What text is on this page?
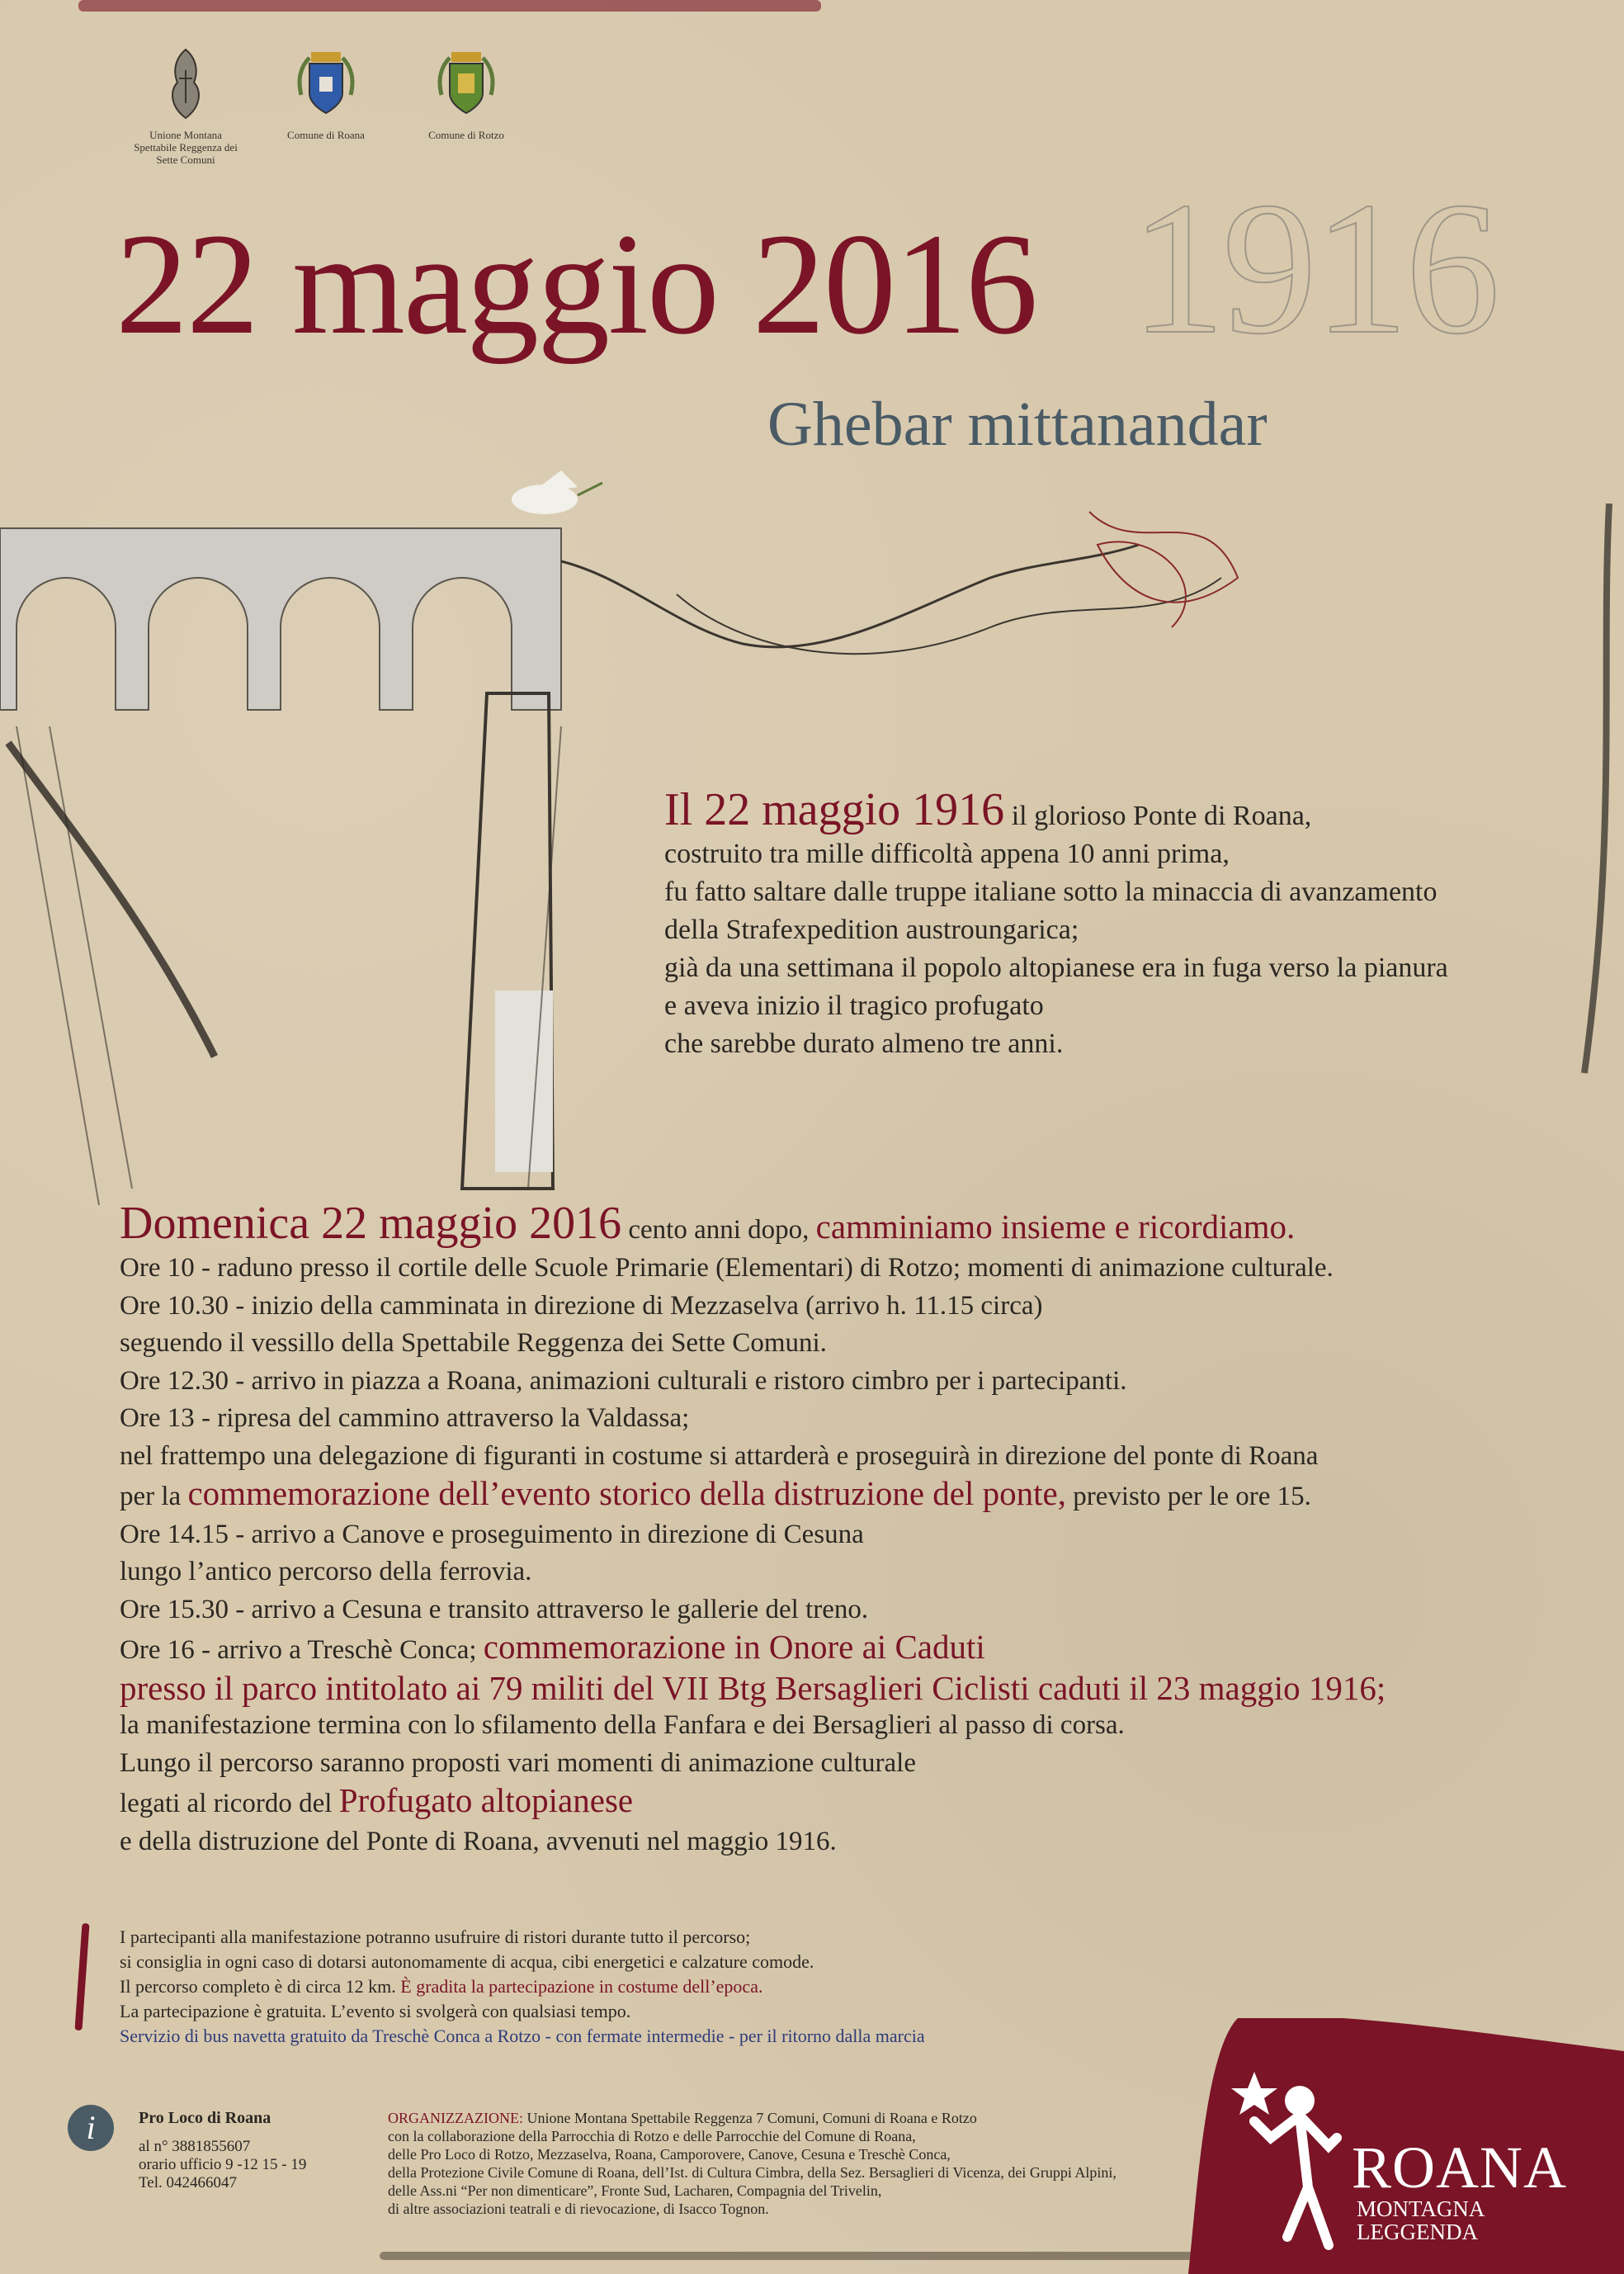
Unione Montana Spettabile Reggenza dei Sette Comuni
Comune di Roana	Comune di Rotzo
1916
22 maggio 2016
Ghebar mittanandar
Il 22 maggio 1916 il glorioso Ponte di Roana,
costruito tra mille difficoltà appena 10 anni prima,
fu fatto saltare dalle truppe italiane sotto la minaccia di avanzamento
della Strafexpedition austroungarica;
già da una settimana il popolo altopianese era in fuga verso la pianura
e aveva inizio il tragico profugato
che sarebbe durato almeno tre anni.
Domenica 22 maggio 2016 cento anni dopo, camminiamo insieme e ricordiamo.
Ore 10 - raduno presso il cortile delle Scuole Primarie (Elementari) di Rotzo; momenti di animazione culturale.
Ore 10.30 - inizio della camminata in direzione di Mezzaselva (arrivo h. 11.15 circa)
seguendo il vessillo della Spettabile Reggenza dei Sette Comuni.
Ore 12.30 - arrivo in piazza a Roana, animazioni culturali e ristoro cimbro per i partecipanti.
Ore 13 - ripresa del cammino attraverso la Valdassa;
nel frattempo una delegazione di figuranti in costume si attarderà e proseguirà in direzione del ponte di Roana
per la commemorazione dell’evento storico della distruzione del ponte, previsto per le ore 15.
Ore 14.15 - arrivo a Canove e proseguimento in direzione di Cesuna
lungo l’antico percorso della ferrovia.
Ore 15.30 - arrivo a Cesuna e transito attraverso le gallerie del treno.
Ore 16 - arrivo a Treschè Conca; commemorazione in Onore ai Caduti
presso il parco intitolato ai 79 militi del VII Btg Bersaglieri Ciclisti caduti il 23 maggio 1916;
la manifestazione termina con lo sfilamento della Fanfara e dei Bersaglieri al passo di corsa.
Lungo il percorso saranno proposti vari momenti di animazione culturale
legati al ricordo del Profugato altopianese
e della distruzione del Ponte di Roana, avvenuti nel maggio 1916.
I partecipanti alla manifestazione potranno usufruire di ristori durante tutto il percorso;
si consiglia in ogni caso di dotarsi autonomamente di acqua, cibi energetici e calzature comode.
Il percorso completo è di circa 12 km. È gradita la partecipazione in costume dell’epoca.
La partecipazione è gratuita. L’evento si svolgerà con qualsiasi tempo.
Servizio di bus navetta gratuito da Treschè Conca a Rotzo - con fermate intermedie - per il ritorno dalla marcia
i	Pro Loco di Roana
al n° 3881855607
orario ufficio 9 -12 15 - 19
Tel. 042466047
ORGANIZZAZIONE: Unione Montana Spettabile Reggenza 7 Comuni, Comuni di Roana e Rotzo
con la collaborazione della Parrocchia di Rotzo e delle Parrocchie del Comune di Roana,
delle Pro Loco di Rotzo, Mezzaselva, Roana, Camporovere, Canove, Cesuna e Treschè Conca,
della Protezione Civile Comune di Roana, dell’Ist. di Cultura Cimbra, della Sez. Bersaglieri di Vicenza, dei Gruppi Alpini,
delle Ass.ni “Per non dimenticare”, Fronte Sud, Lacharen, Compagnia del Trivelin,
di altre associazioni teatrali e di rievocazione, di Isacco Tognon.
ROANA
MONTAGNA
LEGGENDA
